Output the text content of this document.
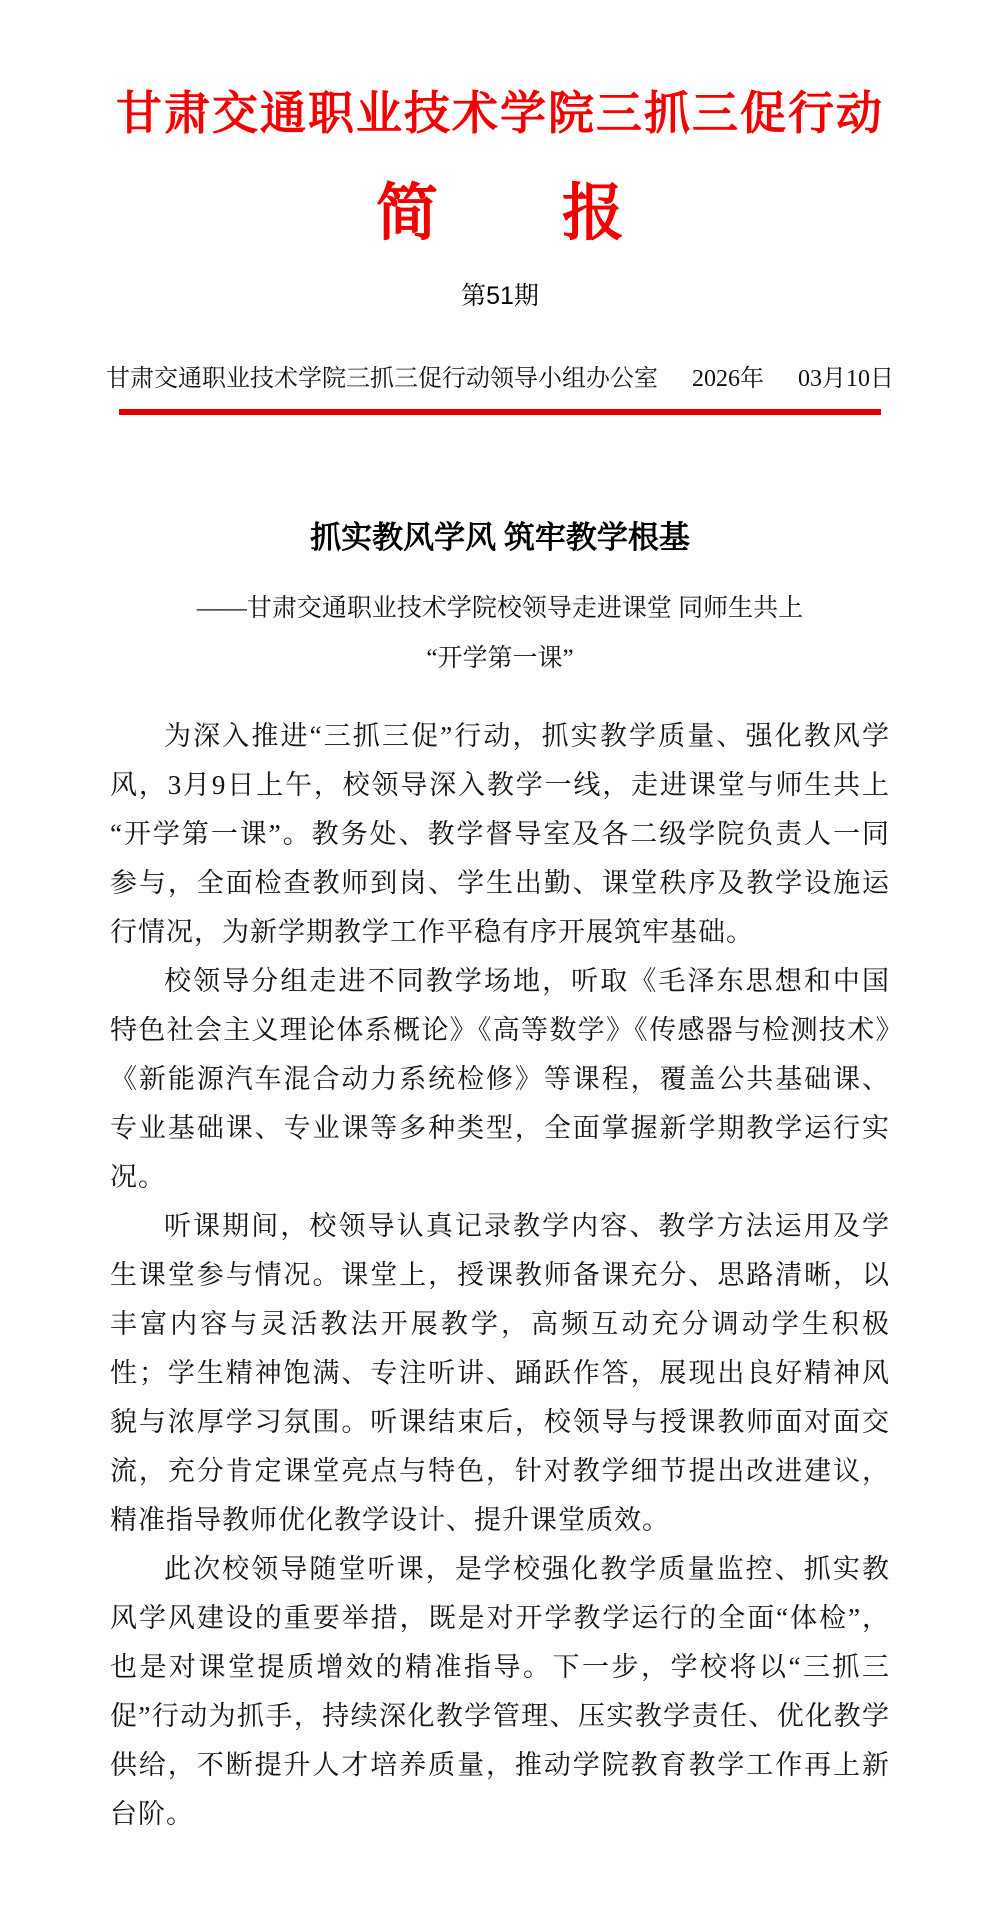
甘肃交通职业技术学院三抓三促行动
简　　报
第51期
甘肃交通职业技术学院三抓三促行动领导小组办公室 2026年 03月10日
抓实教风学风 筑牢教学根基
——甘肃交通职业技术学院校领导走进课堂 同师生共上
“开学第一课”

为深入推进“三抓三促”行动，抓实教学质量、强化教风学风，3月9日上午，校领导深入教学一线，走进课堂与师生共上“开学第一课”。教务处、教学督导室及各二级学院负责人一同参与，全面检查教师到岗、学生出勤、课堂秩序及教学设施运行情况，为新学期教学工作平稳有序开展筑牢基础。

校领导分组走进不同教学场地，听取《毛泽东思想和中国特色社会主义理论体系概论》《高等数学》《传感器与检测技术》《新能源汽车混合动力系统检修》等课程，覆盖公共基础课、专业基础课、专业课等多种类型，全面掌握新学期教学运行实况。

听课期间，校领导认真记录教学内容、教学方法运用及学生课堂参与情况。课堂上，授课教师备课充分、思路清晰，以丰富内容与灵活教法开展教学，高频互动充分调动学生积极性；学生精神饱满、专注听讲、踊跃作答，展现出良好精神风貌与浓厚学习氛围。听课结束后，校领导与授课教师面对面交流，充分肯定课堂亮点与特色，针对教学细节提出改进建议，精准指导教师优化教学设计、提升课堂质效。

此次校领导随堂听课，是学校强化教学质量监控、抓实教风学风建设的重要举措，既是对开学教学运行的全面“体检”，也是对课堂提质增效的精准指导。下一步，学校将以“三抓三促”行动为抓手，持续深化教学管理、压实教学责任、优化教学供给，不断提升人才培养质量，推动学院教育教学工作再上新台阶。
